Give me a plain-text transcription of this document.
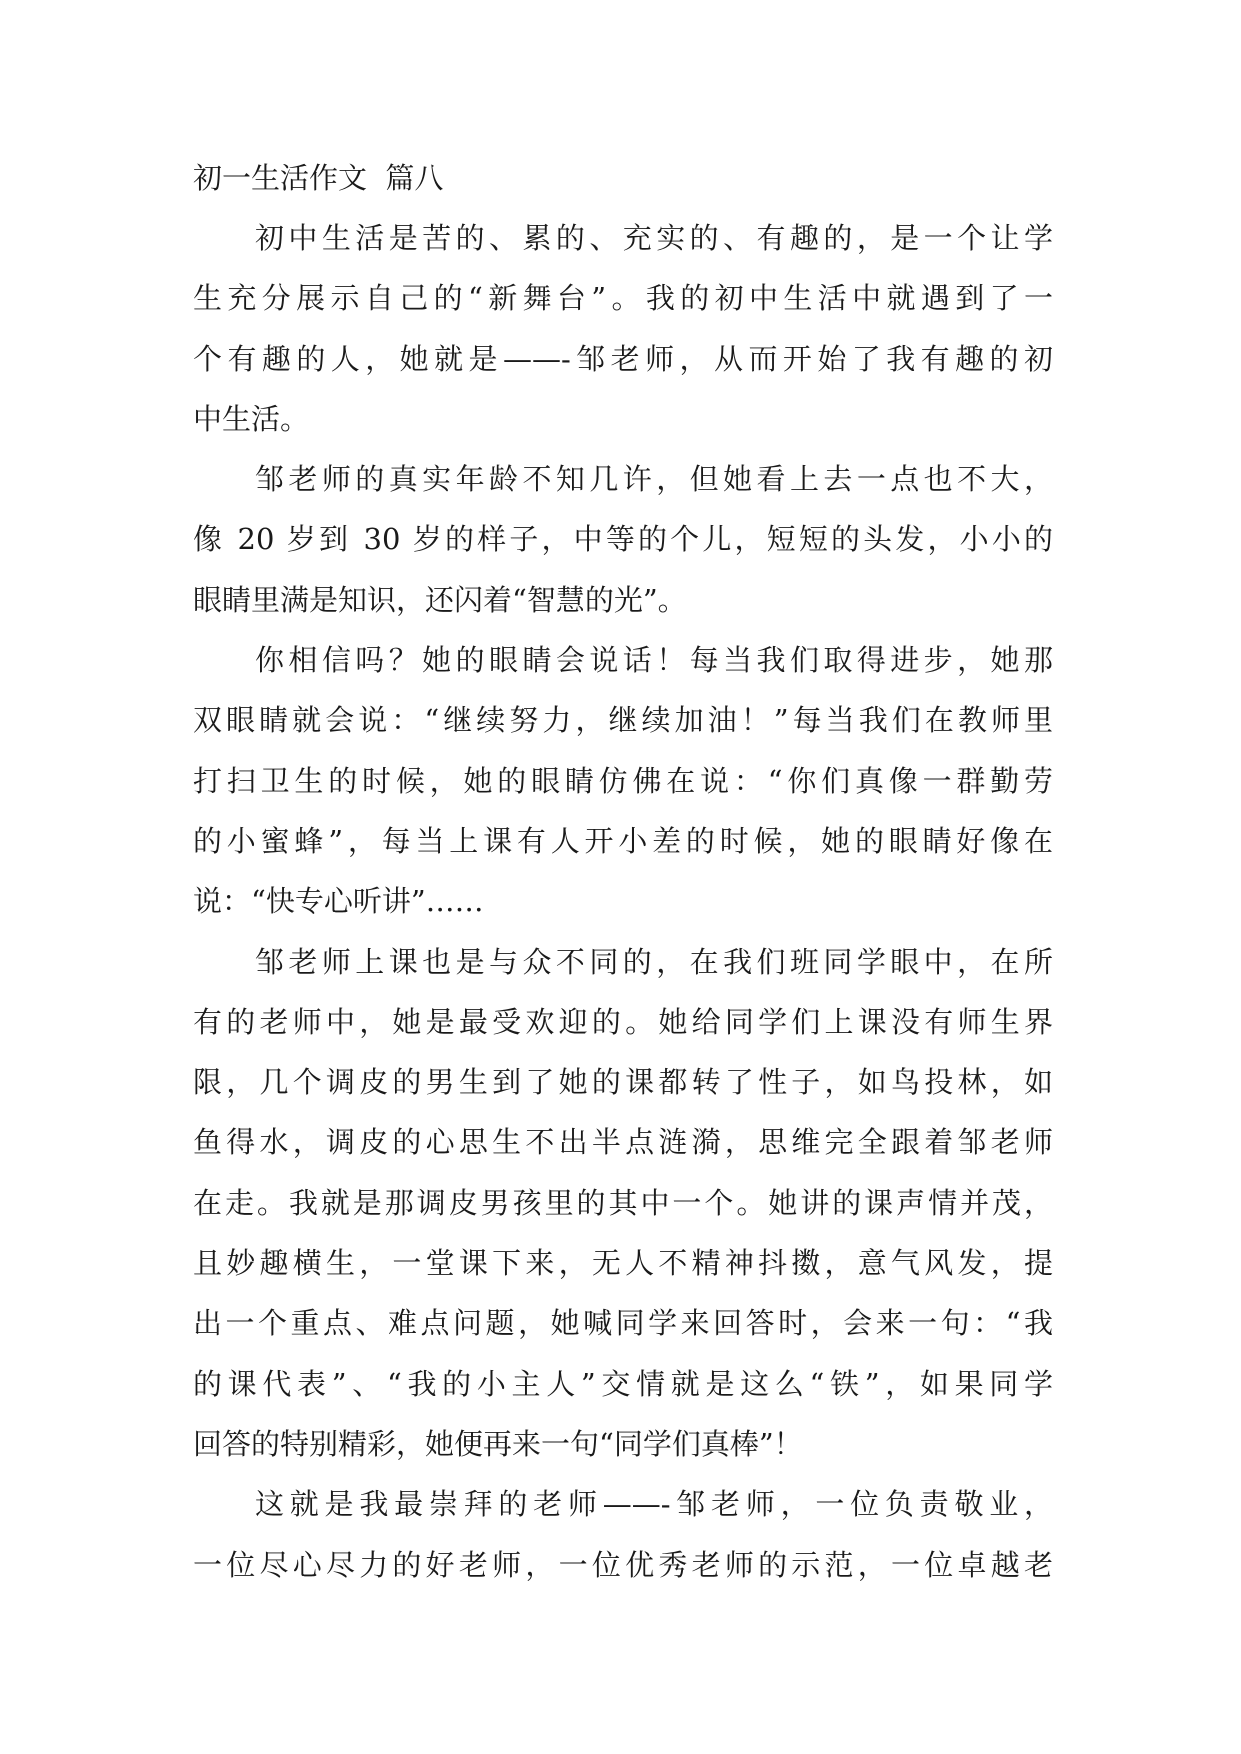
初一生活作文  篇八
初中生活是苦的、累的、充实的、有趣的，是一个让学
生充分展示自己的“新舞台”。我的初中生活中就遇到了一
个有趣的人，她就是——-邹老师，从而开始了我有趣的初
中生活。
邹老师的真实年龄不知几许，但她看上去一点也不大，
像 20 岁到 30 岁的样子，中等的个儿，短短的头发，小小的
眼睛里满是知识，还闪着“智慧的光”。
你相信吗？她的眼睛会说话！每当我们取得进步，她那
双眼睛就会说：“继续努力，继续加油！”每当我们在教师里
打扫卫生的时候，她的眼睛仿佛在说：“你们真像一群勤劳
的小蜜蜂”，每当上课有人开小差的时候，她的眼睛好像在
说：“快专心听讲”……
邹老师上课也是与众不同的，在我们班同学眼中，在所
有的老师中，她是最受欢迎的。她给同学们上课没有师生界
限，几个调皮的男生到了她的课都转了性子，如鸟投林，如
鱼得水，调皮的心思生不出半点涟漪，思维完全跟着邹老师
在走。我就是那调皮男孩里的其中一个。她讲的课声情并茂，
且妙趣横生，一堂课下来，无人不精神抖擞，意气风发，提
出一个重点、难点问题，她喊同学来回答时，会来一句：“我
的课代表”、“我的小主人”交情就是这么“铁”，如果同学
回答的特别精彩，她便再来一句“同学们真棒”！
这就是我最崇拜的老师——-邹老师，一位负责敬业，
一位尽心尽力的好老师，一位优秀老师的示范，一位卓越老
